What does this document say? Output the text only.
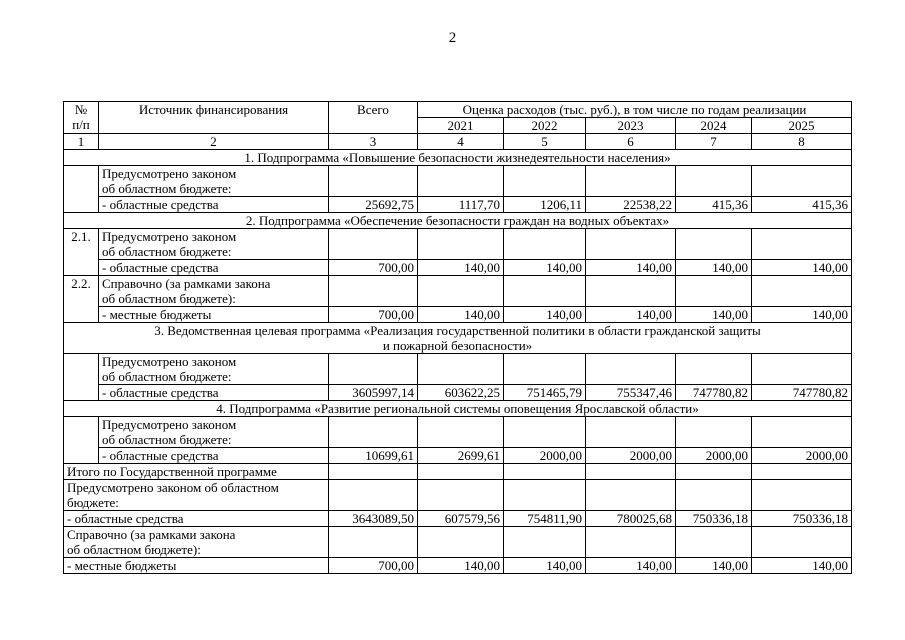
2
№
п/п	Источник финансирования	Всего	Оценка расходов (тыс. руб.), в том числе по годам реализации				
			2021	2022	2023	2024	2025
1	2	3	4	5	6	7	8
1. Подпрограмма «Повышение безопасности жизнедеятельности населения»							
	Предусмотрено законом
об областном бюджете:						
	- областные средства	25692,75	1117,70	1206,11	22538,22	415,36	415,36
2. Подпрограмма «Обеспечение безопасности граждан на водных объектах»							
2.1.	Предусмотрено законом
об областном бюджете:						
	- областные средства	700,00	140,00	140,00	140,00	140,00	140,00
2.2.	Справочно (за рамками закона
об областном бюджете):						
	- местные бюджеты	700,00	140,00	140,00	140,00	140,00	140,00
3. Ведомственная целевая программа «Реализация государственной политики в области гражданской защиты
и пожарной безопасности»							
	Предусмотрено законом
об областном бюджете:						
	- областные средства	3605997,14	603622,25	751465,79	755347,46	747780,82	747780,82
4. Подпрограмма «Развитие региональной системы оповещения Ярославской области»							
	Предусмотрено законом
об областном бюджете:						
	- областные средства	10699,61	2699,61	2000,00	2000,00	2000,00	2000,00
Итого по Государственной программе							
Предусмотрено законом об областном
бюджете:							
- областные средства		3643089,50	607579,56	754811,90	780025,68	750336,18	750336,18
Справочно (за рамками закона
об областном бюджете):							
- местные бюджеты		700,00	140,00	140,00	140,00	140,00	140,00
